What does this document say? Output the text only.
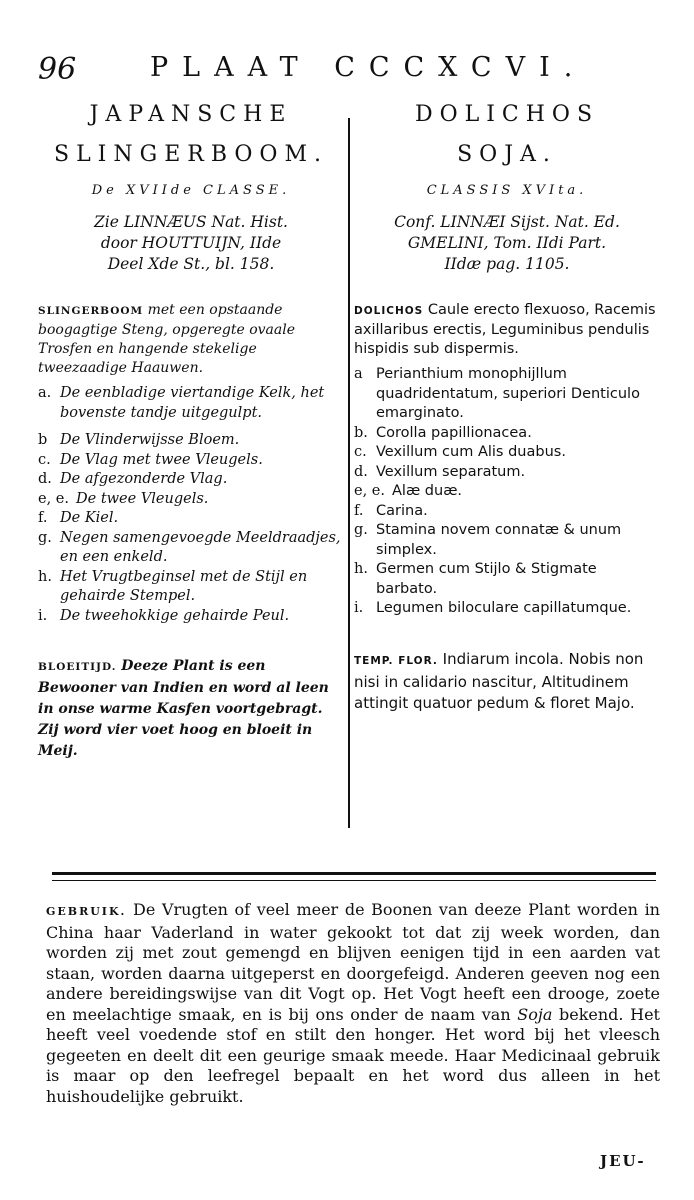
96	PLAAT CCCXCVI.
JAPANSCHE
SLINGERBOOM.
De XVIIde CLASSE.
Zie LINNÆUS Nat. Hist.
door HOUTTUIJN, IIde
Deel Xde St., bl. 158.
SLINGERBOOM met een opstaande boogagtige Steng, opgeregte ovaale Trosfen en hangende stekelige tweezaadige Haauwen.
a. De eenbladige viertandige Kelk, het bovenste tandje uitgegulpt.
b De Vlinderwijsse Bloem.
c. De Vlag met twee Vleugels.
d. De afgezonderde Vlag.
e, e. De twee Vleugels.
f. De Kiel.
g. Negen samengevoegde Meeldraadjes, en een enkeld.
h. Het Vrugtbeginsel met de Stijl en gehairde Stempel.
i. De tweehokkige gehairde Peul.
BLOEITIJD. Deeze Plant is een Bewooner van Indien en word al leen in onse warme Kasfen voortgebragt. Zij word vier voet hoog en bloeit in Meij.
DOLICHOS
SOJA.
CLASSIS XVIta.
Conf. LINNÆI Sijst. Nat. Ed.
GMELINI, Tom. IIdi Part.
IIdæ pag. 1105.
DOLICHOS Caule erecto flexuoso, Racemis axillaribus erectis, Leguminibus pendulis hispidis sub dispermis.
a Perianthium monophijllum quadridentatum, superiori Denticulo emarginato.
b. Corolla papillionacea.
c. Vexillum cum Alis duabus.
d. Vexillum separatum.
e, e. Alæ duæ.
f. Carina.
g. Stamina novem connatæ & unum simplex.
h. Germen cum Stijlo & Stigmate barbato.
i. Legumen biloculare capillatumque.
TEMP. FLOR. Indiarum incola. Nobis non nisi in calidario nascitur, Altitudinem attingit quatuor pedum & floret Majo.
GEBRUIK. De Vrugten of veel meer de Boonen van deeze Plant worden in China haar Vaderland in water gekookt tot dat zij week worden, dan worden zij met zout gemengd en blijven eenigen tijd in een aarden vat staan, worden daarna uitgeperst en doorgefeigd. Anderen geeven nog een andere bereidingswijse van dit Vogt op. Het Vogt heeft een drooge, zoete en meelachtige smaak, en is bij ons onder de naam van Soja bekend. Het heeft veel voedende stof en stilt den honger. Het word bij het vleesch gegeeten en deelt dit een geurige smaak meede. Haar Medicinaal gebruik is maar op den leefregel bepaalt en het word dus alleen in het huishoudelijke gebruikt.
JEU-
